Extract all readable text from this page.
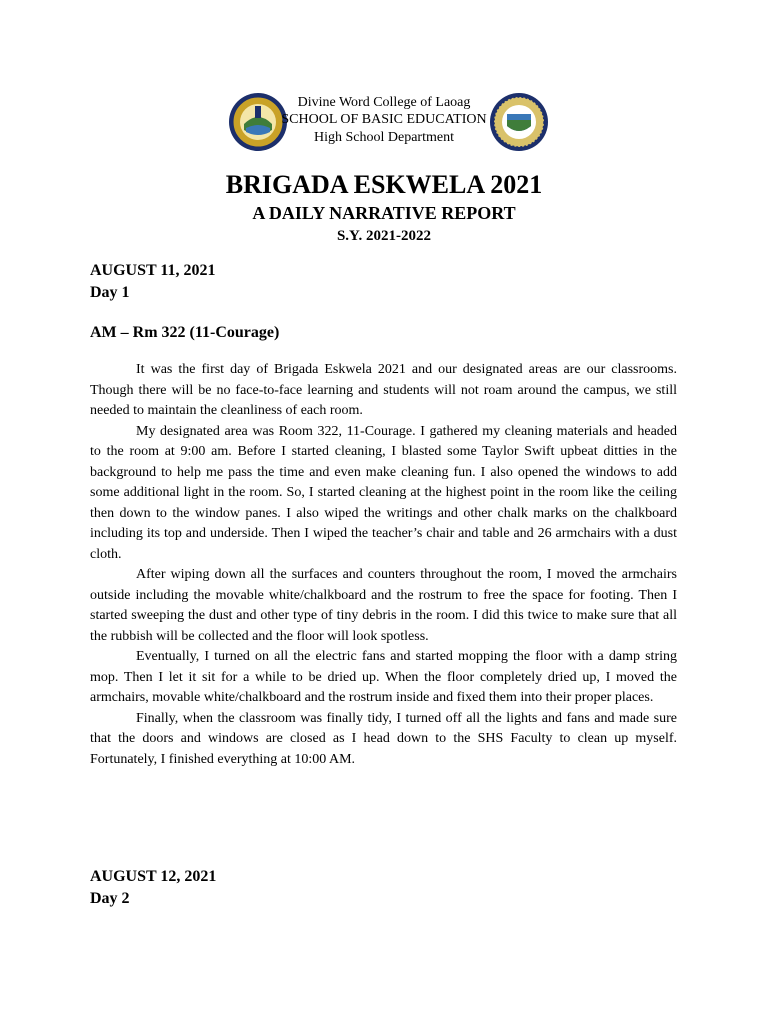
Divine Word College of Laoag
SCHOOL OF BASIC EDUCATION
High School Department
BRIGADA ESKWELA 2021
A DAILY NARRATIVE REPORT
S.Y. 2021-2022
AUGUST 11, 2021
Day 1
AM – Rm 322 (11-Courage)

It was the first day of Brigada Eskwela 2021 and our designated areas are our classrooms. Though there will be no face-to-face learning and students will not roam around the campus, we still needed to maintain the cleanliness of each room.

My designated area was Room 322, 11-Courage. I gathered my cleaning materials and headed to the room at 9:00 am. Before I started cleaning, I blasted some Taylor Swift upbeat ditties in the background to help me pass the time and even make cleaning fun. I also opened the windows to add some additional light in the room. So, I started cleaning at the highest point in the room like the ceiling then down to the window panes. I also wiped the writings and other chalk marks on the chalkboard including its top and underside. Then I wiped the teacher’s chair and table and 26 armchairs with a dust cloth.

After wiping down all the surfaces and counters throughout the room, I moved the armchairs outside including the movable white/chalkboard and the rostrum to free the space for footing. Then I started sweeping the dust and other type of tiny debris in the room. I did this twice to make sure that all the rubbish will be collected and the floor will look spotless.

Eventually, I turned on all the electric fans and started mopping the floor with a damp string mop. Then I let it sit for a while to be dried up. When the floor completely dried up, I moved the armchairs, movable white/chalkboard and the rostrum inside and fixed them into their proper places.

Finally, when the classroom was finally tidy, I turned off all the lights and fans and made sure that the doors and windows are closed as I head down to the SHS Faculty to clean up myself. Fortunately, I finished everything at 10:00 AM.

AUGUST 12, 2021
Day 2
